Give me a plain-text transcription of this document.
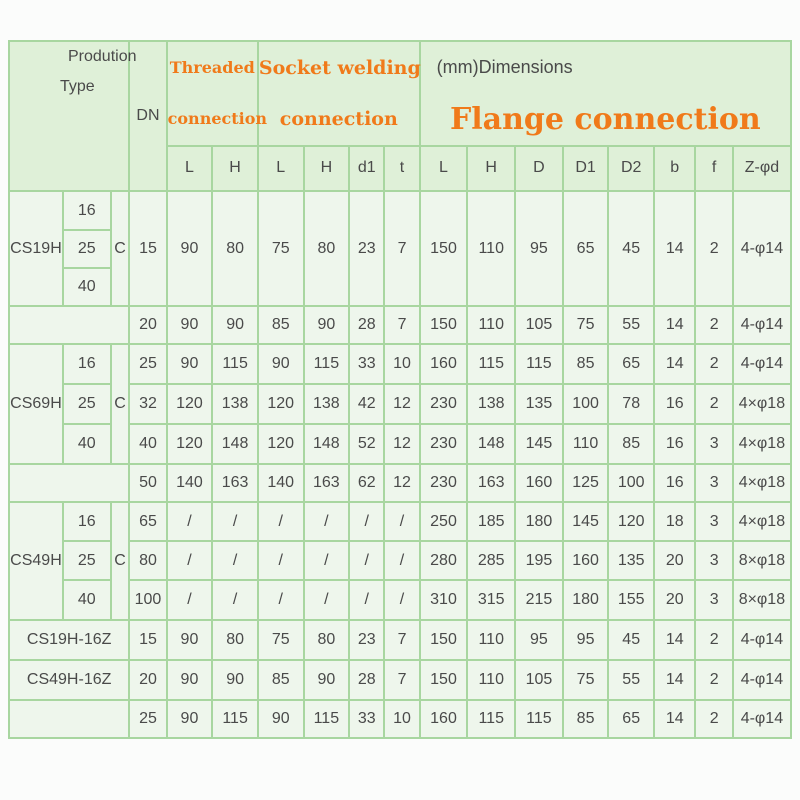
Prodution
Type			DN	Threaded		Socket welding				(mm)Dimensions							

				connection		connection				Flange connection							
				L	H	L	H	d1	t	L	H	D	D1	D2	b	f	Z-φd
CS19H	16	C	15	90	80	75	80	23	7	150	110	95	65	45	14	2	4-φ14
	25																
	40																
			20	90	90	85	90	28	7	150	110	105	75	55	14	2	4-φ14
CS69H	16	C	25	90	115	90	115	33	10	160	115	115	85	65	14	2	4-φ14
	25		32	120	138	120	138	42	12	230	138	135	100	78	16	2	4×φ18
	40		40	120	148	120	148	52	12	230	148	145	110	85	16	3	4×φ18
			50	140	163	140	163	62	12	230	163	160	125	100	16	3	4×φ18
CS49H	16	C	65	/	/	/	/	/	/	250	185	180	145	120	18	3	4×φ18
	25		80	/	/	/	/	/	/	280	285	195	160	135	20	3	8×φ18
	40		100	/	/	/	/	/	/	310	315	215	180	155	20	3	8×φ18
CS19H-16Z			15	90	80	75	80	23	7	150	110	95	95	45	14	2	4-φ14
CS49H-16Z			20	90	90	85	90	28	7	150	110	105	75	55	14	2	4-φ14
			25	90	115	90	115	33	10	160	115	115	85	65	14	2	4-φ14
